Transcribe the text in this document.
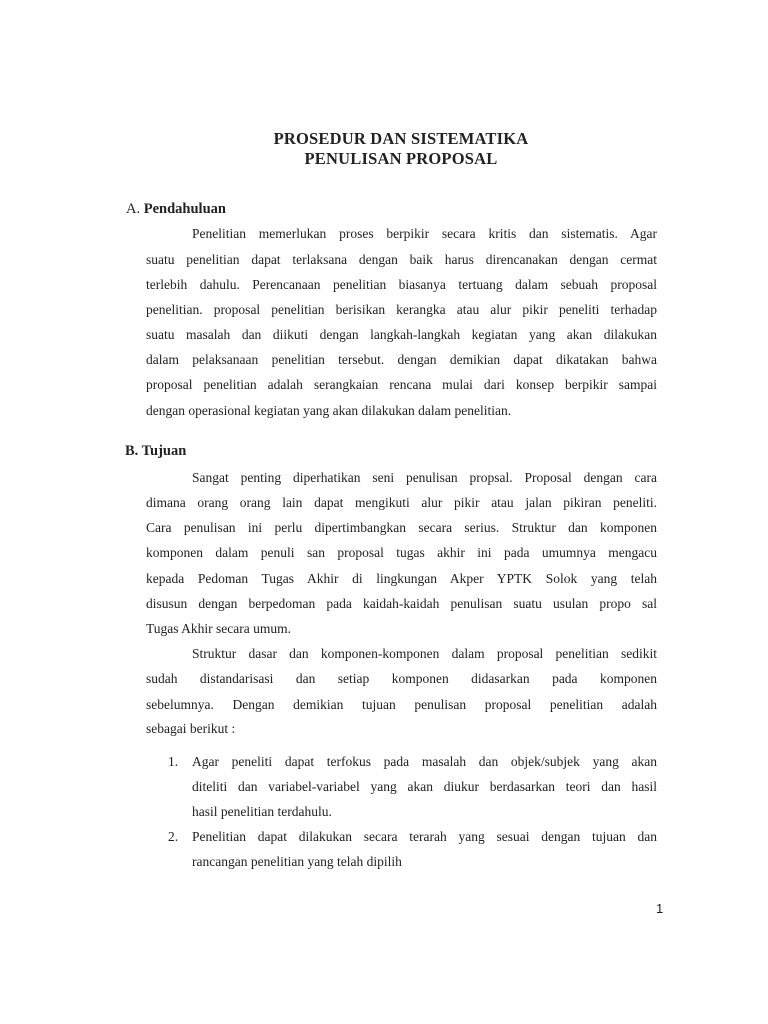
PROSEDUR DAN SISTEMATIKA
PENULISAN PROPOSAL
A. Pendahuluan
Penelitian memerlukan proses berpikir secara kritis dan sistematis. Agar
suatu penelitian dapat terlaksana dengan baik harus direncanakan dengan cermat
terlebih dahulu. Perencanaan penelitian biasanya tertuang dalam sebuah proposal
penelitian. proposal penelitian berisikan kerangka atau alur pikir peneliti terhadap
suatu masalah dan diikuti dengan langkah-langkah kegiatan yang akan dilakukan
dalam pelaksanaan penelitian tersebut. dengan demikian dapat dikatakan bahwa
proposal penelitian adalah serangkaian rencana mulai dari konsep berpikir sampai
dengan operasional kegiatan yang akan dilakukan dalam penelitian.
B. Tujuan
Sangat penting diperhatikan seni penulisan propsal. Proposal dengan cara
dimana orang orang lain dapat mengikuti alur pikir atau jalan pikiran peneliti.
Cara penulisan ini perlu dipertimbangkan secara serius. Struktur dan komponen
komponen dalam penuli san proposal tugas akhir ini pada umumnya mengacu
kepada Pedoman Tugas Akhir di lingkungan Akper YPTK Solok yang telah
disusun dengan berpedoman pada kaidah-kaidah penulisan suatu usulan propo sal
Tugas Akhir secara umum.
Struktur dasar dan komponen-komponen dalam proposal penelitian sedikit
sudah distandarisasi dan setiap komponen didasarkan pada komponen
sebelumnya. Dengan demikian tujuan penulisan proposal penelitian adalah
sebagai berikut :
1. Agar peneliti dapat terfokus pada masalah dan objek/subjek yang akan
diteliti dan variabel-variabel yang akan diukur berdasarkan teori dan hasil
hasil penelitian terdahulu.
2. Penelitian dapat dilakukan secara terarah yang sesuai dengan tujuan dan
rancangan penelitian yang telah dipilih
1
